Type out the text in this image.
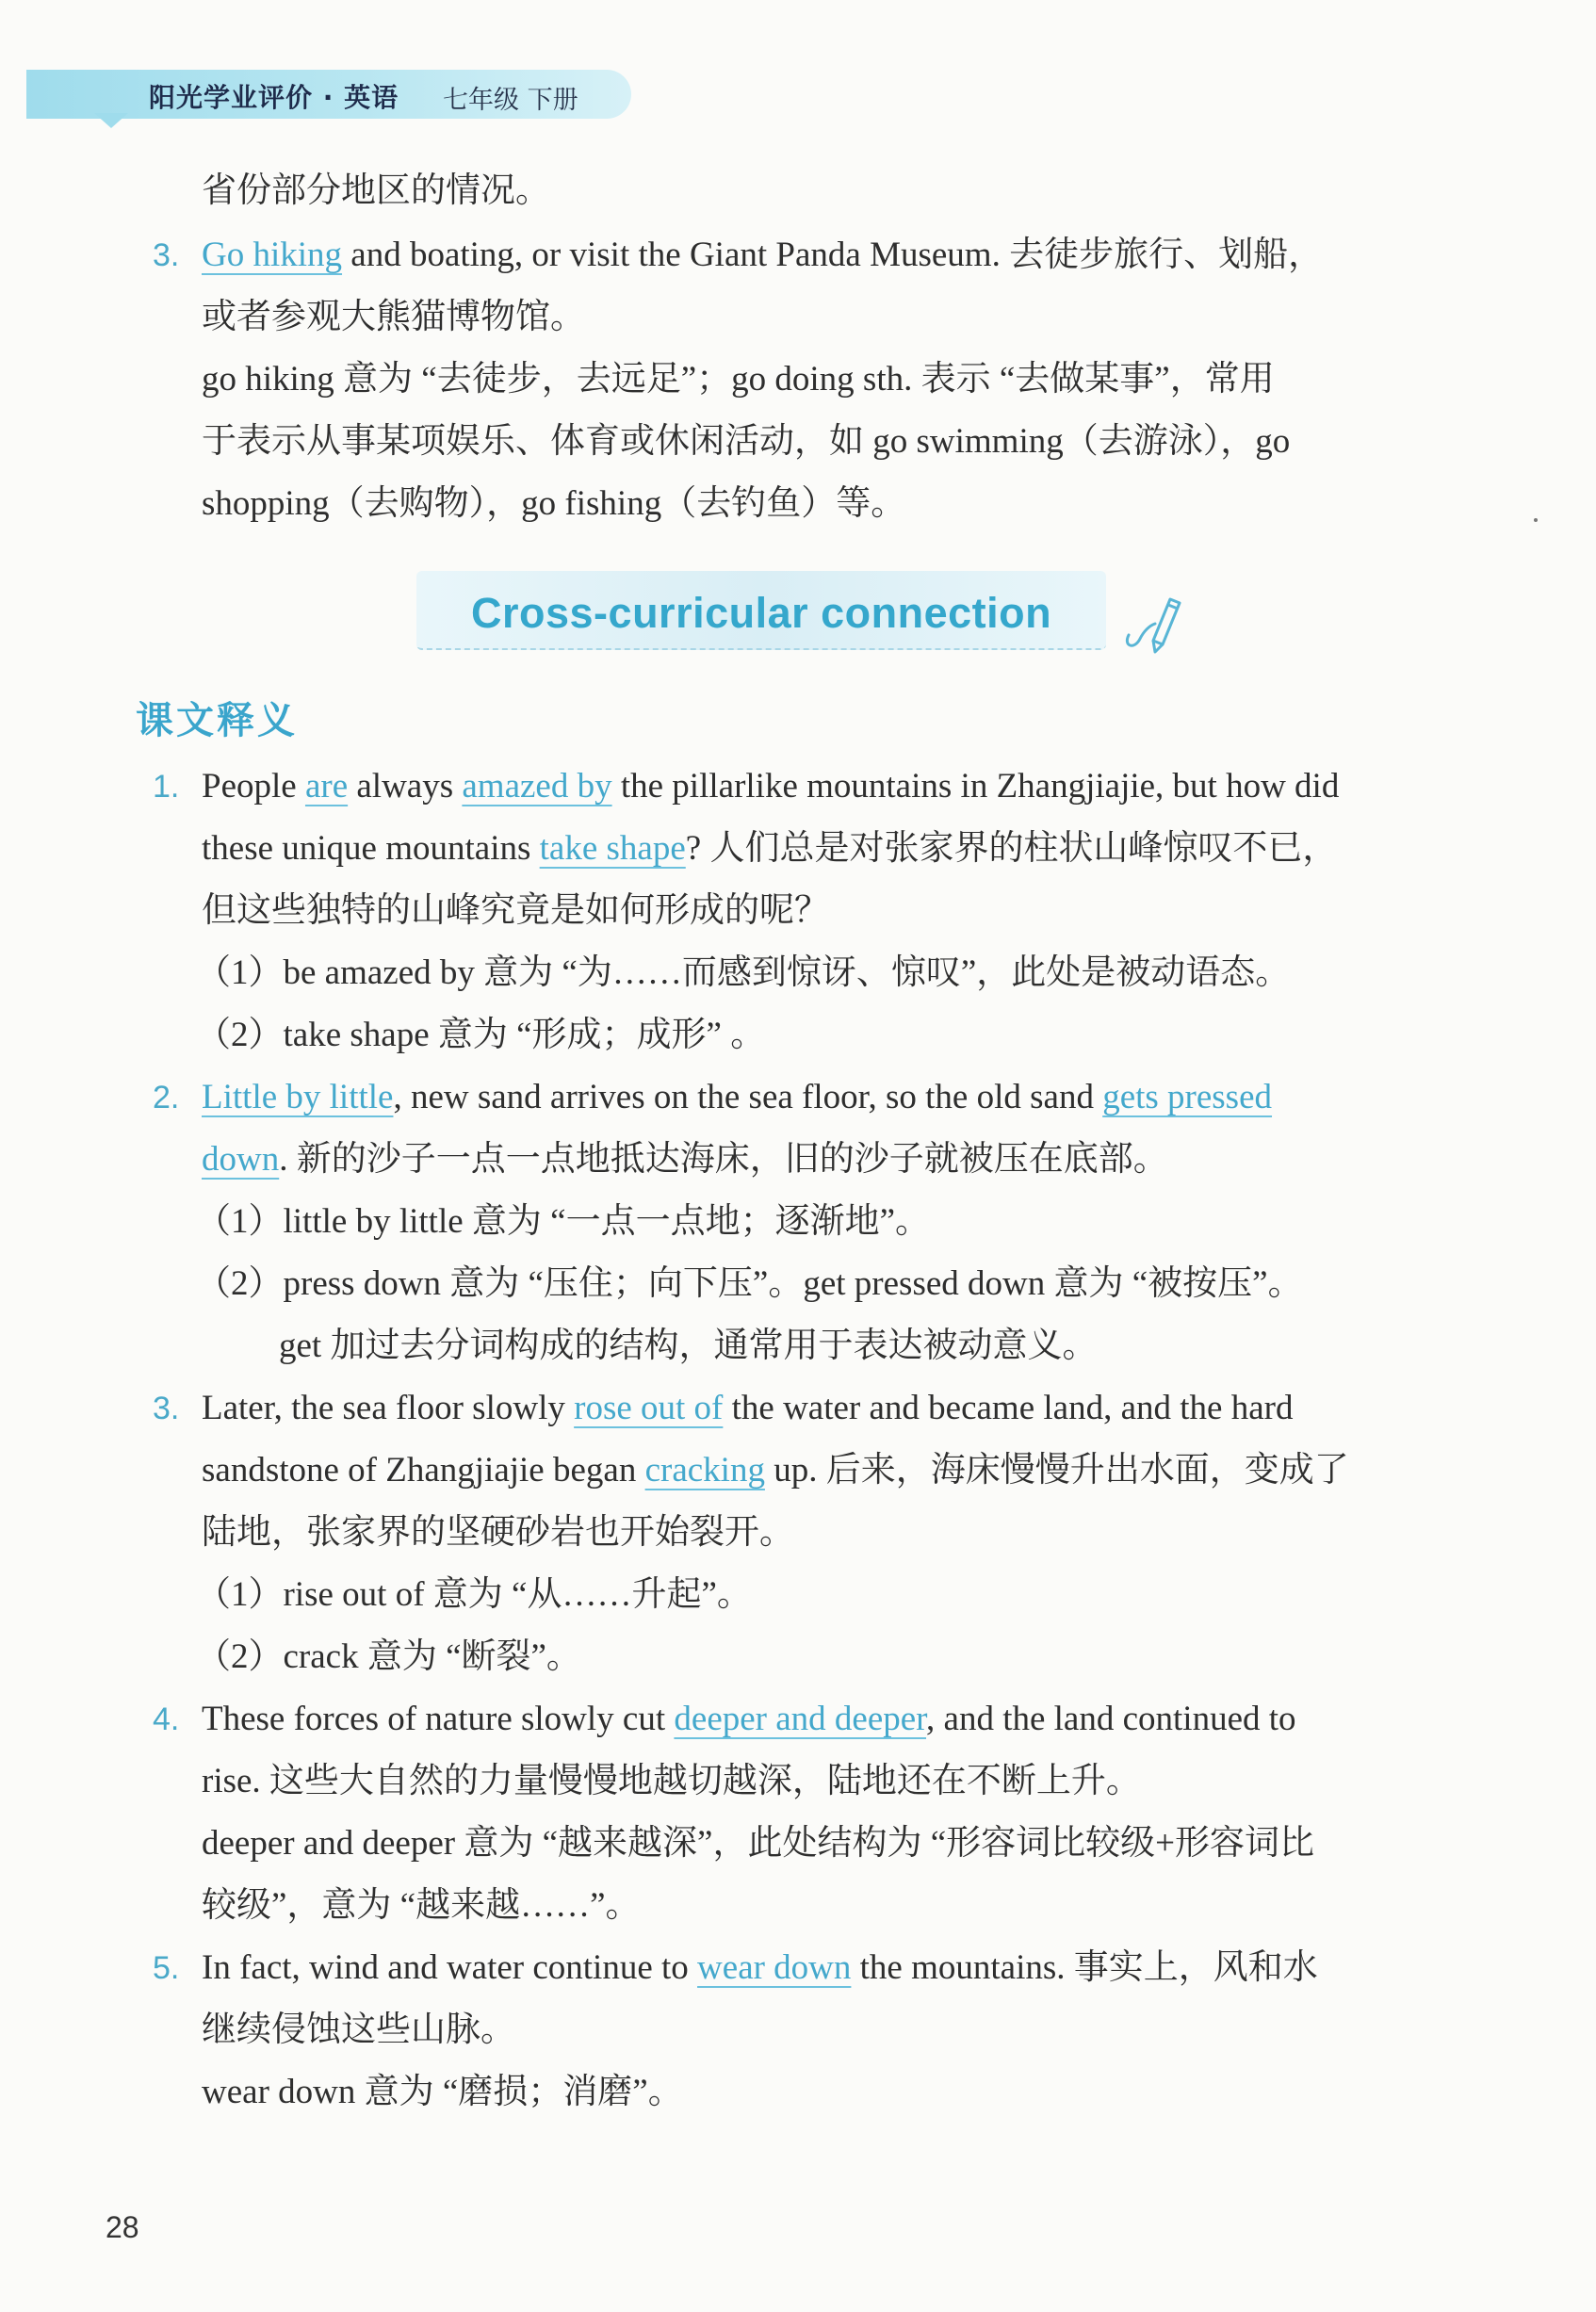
阳光学业评价 · 英语 七年级 下册
省份部分地区的情况。
3. Go hiking and boating, or visit the Giant Panda Museum. 去徒步旅行、划船，
或者参观大熊猫博物馆。
go hiking 意为 “去徒步，去远足”；go doing sth. 表示 “去做某事”，常用
于表示从事某项娱乐、体育或休闲活动，如 go swimming（去游泳），go
shopping（去购物），go fishing（去钓鱼）等。
Cross-curricular connection
课文释义
1. People are always amazed by the pillarlike mountains in Zhangjiajie, but how did
these unique mountains take shape? 人们总是对张家界的柱状山峰惊叹不已，
但这些独特的山峰究竟是如何形成的呢？
（1）be amazed by 意为 “为……而感到惊讶、惊叹”，此处是被动语态。
（2）take shape 意为 “形成；成形” 。
2. Little by little, new sand arrives on the sea floor, so the old sand gets pressed
down. 新的沙子一点一点地抵达海床，旧的沙子就被压在底部。
（1）little by little 意为 “一点一点地；逐渐地”。
（2）press down 意为 “压住；向下压”。get pressed down 意为 “被按压”。
get 加过去分词构成的结构，通常用于表达被动意义。
3. Later, the sea floor slowly rose out of the water and became land, and the hard
sandstone of Zhangjiajie began cracking up. 后来，海床慢慢升出水面，变成了
陆地，张家界的坚硬砂岩也开始裂开。
（1）rise out of 意为 “从……升起”。
（2）crack 意为 “断裂”。
4. These forces of nature slowly cut deeper and deeper, and the land continued to
rise. 这些大自然的力量慢慢地越切越深，陆地还在不断上升。
deeper and deeper 意为 “越来越深”，此处结构为 “形容词比较级+形容词比
较级”，意为 “越来越……”。
5. In fact, wind and water continue to wear down the mountains. 事实上，风和水
继续侵蚀这些山脉。
wear down 意为 “磨损；消磨”。
28
